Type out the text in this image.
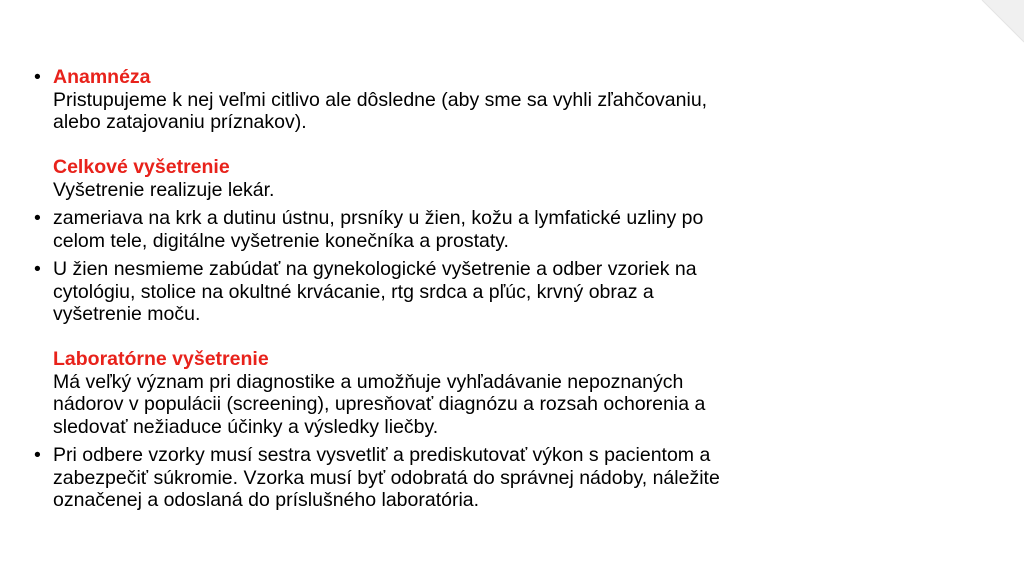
• Anamnéza
Pristupujeme k nej veľmi citlivo ale dôsledne (aby sme sa vyhli zľahčovaniu,
alebo zatajovaniu príznakov).
Celkové vyšetrenie
Vyšetrenie realizuje lekár.
• zameriava na krk a dutinu ústnu, prsníky u žien, kožu a lymfatické uzliny po
celom tele, digitálne vyšetrenie konečníka a prostaty.
• U žien nesmieme zabúdať na gynekologické vyšetrenie a odber vzoriek na
cytológiu, stolice na okultné krvácanie, rtg srdca a pľúc, krvný obraz a
vyšetrenie moču.
Laboratórne vyšetrenie
Má veľký význam pri diagnostike a umožňuje vyhľadávanie nepoznaných
nádorov v populácii (screening), upresňovať diagnózu a rozsah ochorenia a
sledovať nežiaduce účinky a výsledky liečby.
• Pri odbere vzorky musí sestra vysvetliť a prediskutovať výkon s pacientom a
zabezpečiť súkromie. Vzorka musí byť odobratá do správnej nádoby, náležite
označenej a odoslaná do príslušného laboratória.
